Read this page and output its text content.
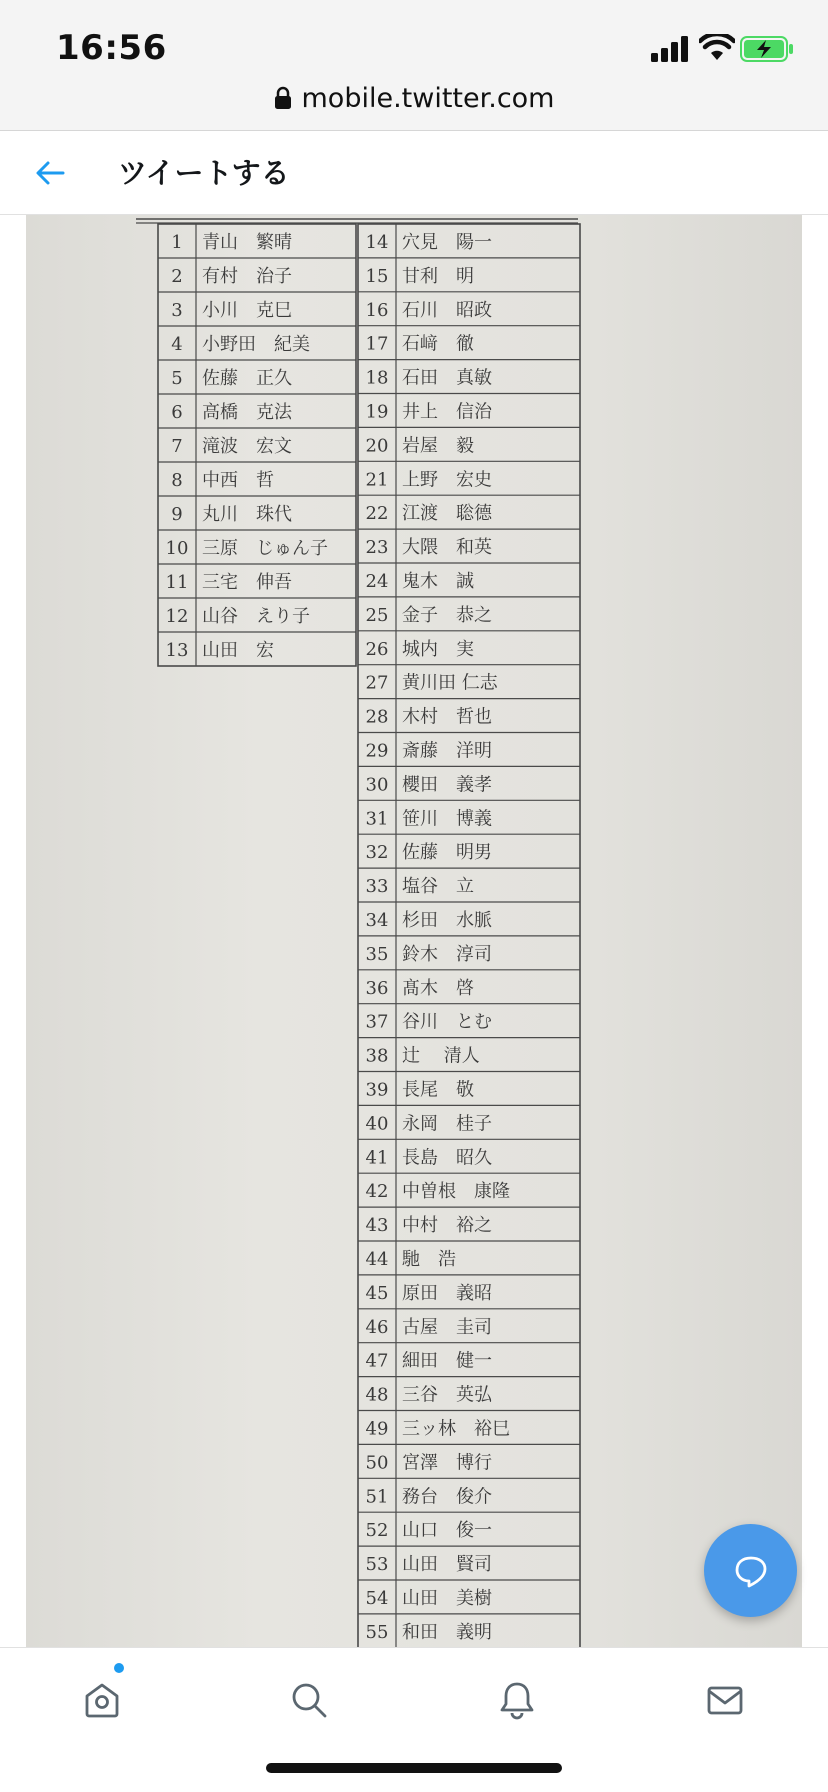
16:56
mobile.twitter.com
ツイートする
1 青山　繁晴
2 有村　治子
3 小川　克巳
4 小野田　紀美
5 佐藤　正久
6 高橋　克法
7 滝波　宏文
8 中西　哲
9 丸川　珠代
10 三原　じゅん子
11 三宅　伸吾
12 山谷　えり子
13 山田　宏
14 穴見　陽一
15 甘利　明
16 石川　昭政
17 石﨑　徹
18 石田　真敏
19 井上　信治
20 岩屋　毅
21 上野　宏史
22 江渡　聡德
23 大隈　和英
24 鬼木　誠
25 金子　恭之
26 城内　実
27 黄川田 仁志
28 木村　哲也
29 斎藤　洋明
30 櫻田　義孝
31 笹川　博義
32 佐藤　明男
33 塩谷　立
34 杉田　水脈
35 鈴木　淳司
36 髙木　啓
37 谷川　とむ
38 辻　 清人
39 長尾　敬
40 永岡　桂子
41 長島　昭久
42 中曽根　康隆
43 中村　裕之
44 馳　浩
45 原田　義昭
46 古屋　圭司
47 細田　健一
48 三谷　英弘
49 三ッ林　裕巳
50 宮澤　博行
51 務台　俊介
52 山口　俊一
53 山田　賢司
54 山田　美樹
55 和田　義明
